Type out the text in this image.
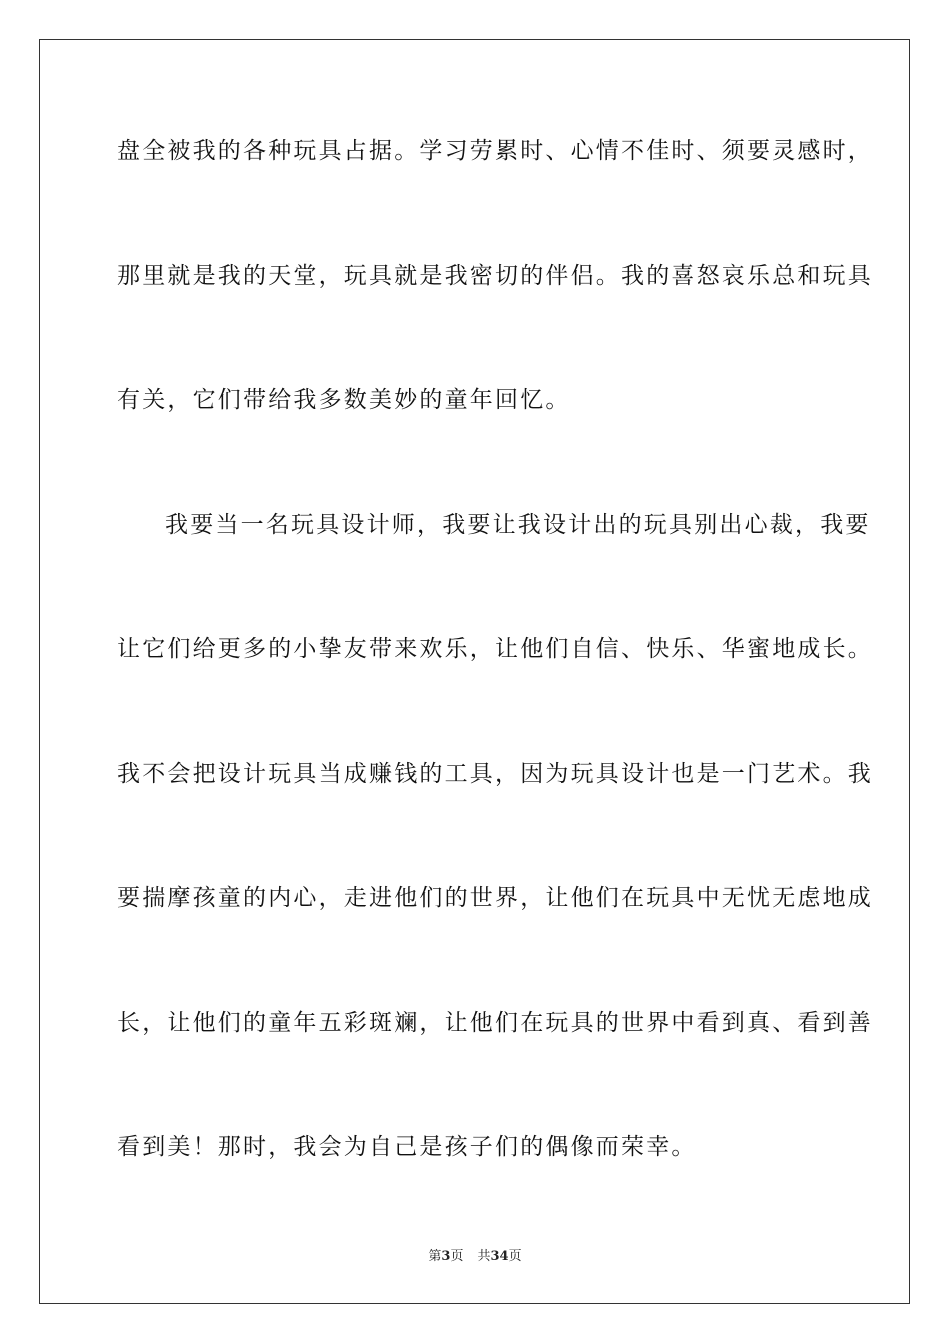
盘全被我的各种玩具占据。学习劳累时、心情不佳时、须要灵感时，
那里就是我的天堂，玩具就是我密切的伴侣。我的喜怒哀乐总和玩具
有关，它们带给我多数美妙的童年回忆。
我要当一名玩具设计师，我要让我设计出的玩具别出心裁，我要
让它们给更多的小挚友带来欢乐，让他们自信、快乐、华蜜地成长。
我不会把设计玩具当成赚钱的工具，因为玩具设计也是一门艺术。我
要揣摩孩童的内心，走进他们的世界，让他们在玩具中无忧无虑地成
长，让他们的童年五彩斑斓，让他们在玩具的世界中看到真、看到善
看到美！那时，我会为自己是孩子们的偶像而荣幸。
第3页 共34页
